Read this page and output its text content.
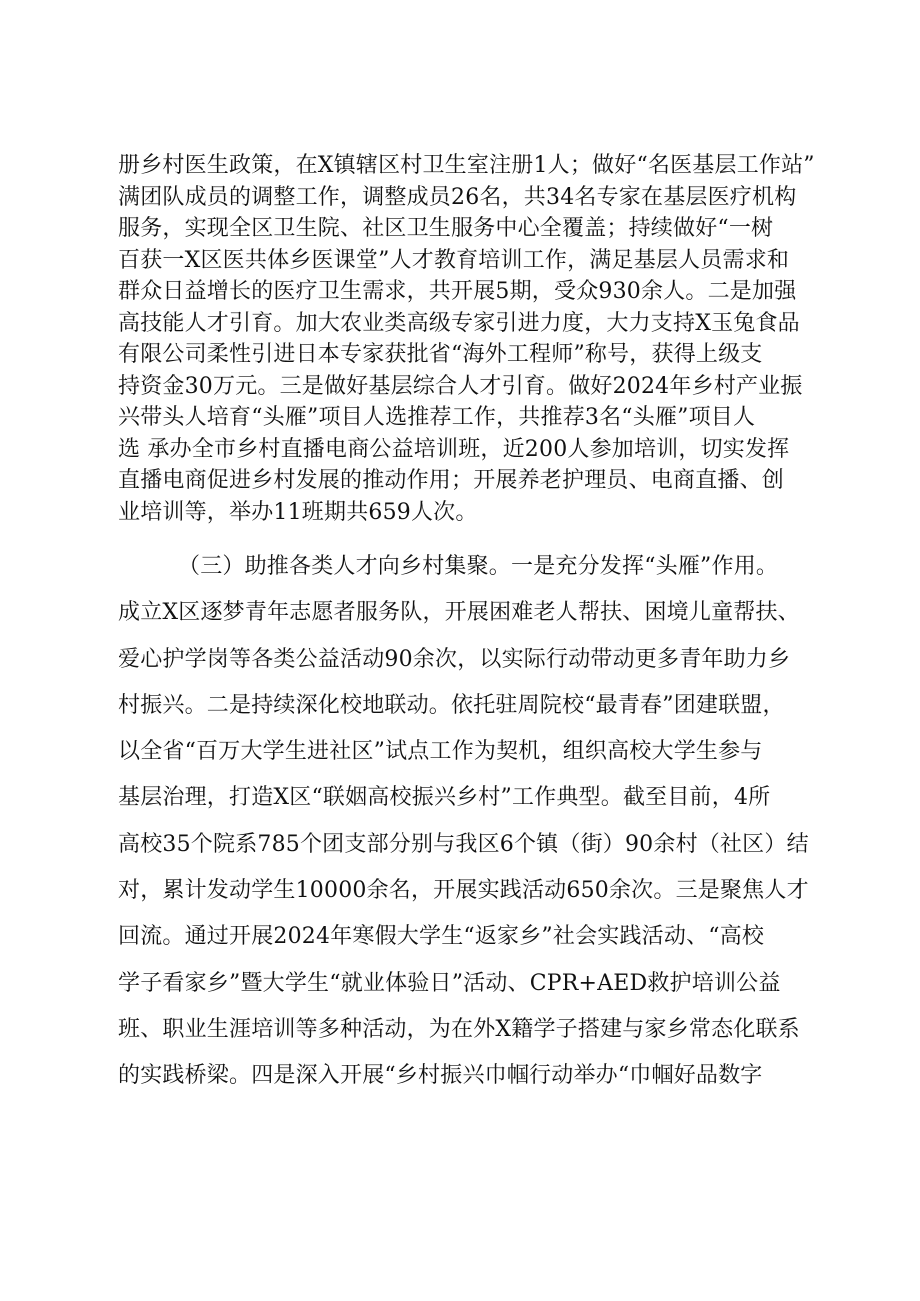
册乡村医生政策，在X镇辖区村卫生室注册1人；做好“名医基层工作站”
满团队成员的调整工作，调整成员26名，共34名专家在基层医疗机构
服务，实现全区卫生院、社区卫生服务中心全覆盖；持续做好“一树
百获一X区医共体乡医课堂”人才教育培训工作，满足基层人员需求和
群众日益增长的医疗卫生需求，共开展5期，受众930余人。二是加强
高技能人才引育。加大农业类高级专家引进力度，大力支持X玉兔食品
有限公司柔性引进日本专家获批省“海外工程师”称号，获得上级支
持资金30万元。三是做好基层综合人才引育。做好2024年乡村产业振
兴带头人培育“头雁”项目人选推荐工作，共推荐3名“头雁”项目人
选 承办全市乡村直播电商公益培训班，近200人参加培训，切实发挥
直播电商促进乡村发展的推动作用；开展养老护理员、电商直播、创
业培训等，举办11班期共659人次。
（三）助推各类人才向乡村集聚。一是充分发挥“头雁”作用。
成立X区逐梦青年志愿者服务队，开展困难老人帮扶、困境儿童帮扶、
爱心护学岗等各类公益活动90余次，以实际行动带动更多青年助力乡
村振兴。二是持续深化校地联动。依托驻周院校“最青春”团建联盟，
以全省“百万大学生进社区”试点工作为契机，组织高校大学生参与
基层治理，打造X区“联姻高校振兴乡村”工作典型。截至目前，4所
高校35个院系785个团支部分别与我区6个镇（街）90余村（社区）结
对，累计发动学生10000余名，开展实践活动650余次。三是聚焦人才
回流。通过开展2024年寒假大学生“返家乡”社会实践活动、“高校
学子看家乡”暨大学生“就业体验日”活动、CPR+AED救护培训公益
班、职业生涯培训等多种活动，为在外X籍学子搭建与家乡常态化联系
的实践桥梁。四是深入开展“乡村振兴巾帼行动举办“巾帼好品数字
